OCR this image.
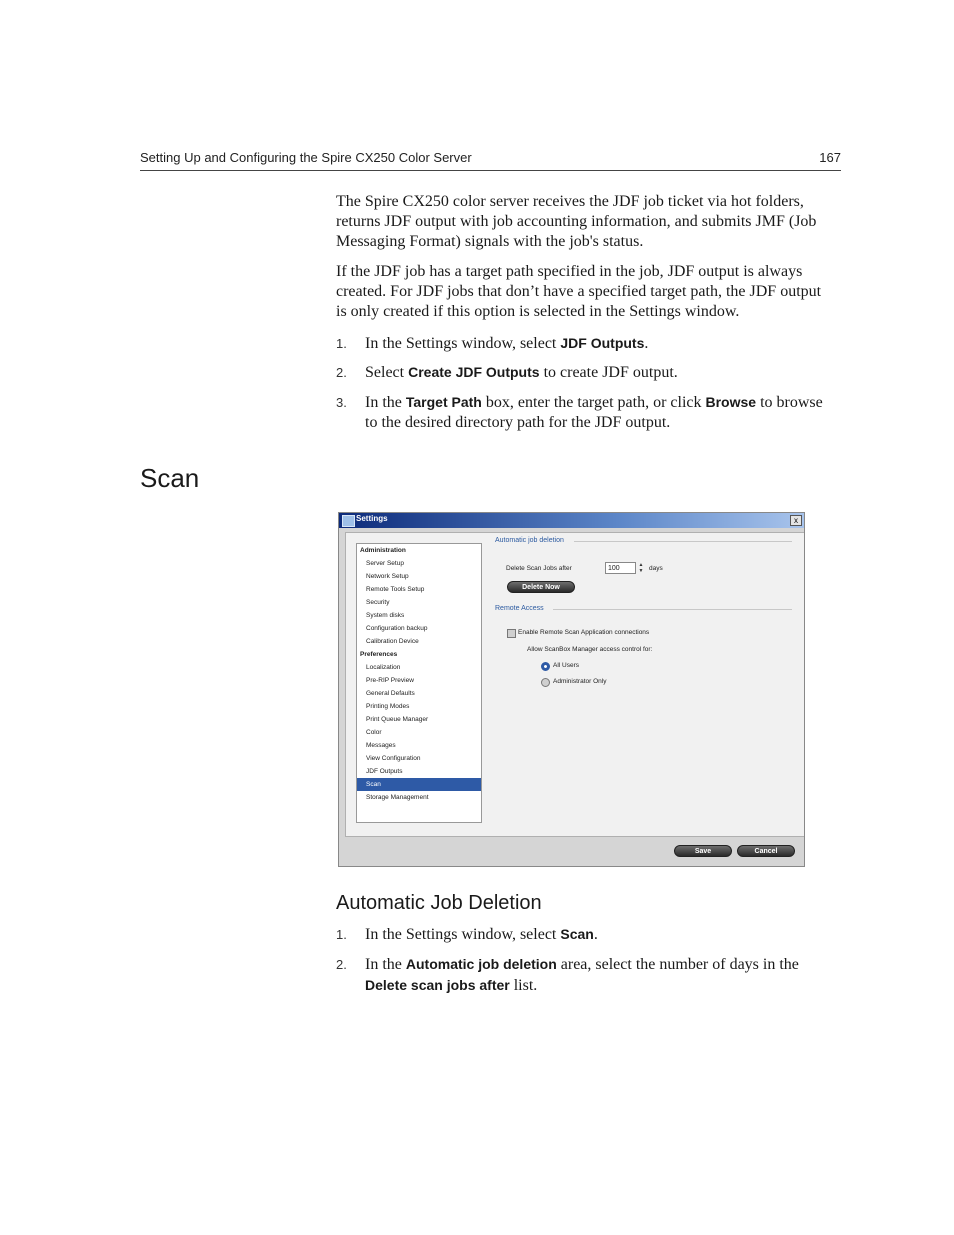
Setting Up and Configuring the Spire CX250 Color Server	167

The Spire CX250 color server receives the JDF job ticket via hot folders, returns JDF output with job accounting information, and submits JMF (Job Messaging Format) signals with the job's status.

If the JDF job has a target path specified in the job, JDF output is always created. For JDF jobs that don’t have a specified target path, the JDF output is only created if this option is selected in the Settings window.

1. In the Settings window, select JDF Outputs.
2. Select Create JDF Outputs to create JDF output.
3. In the Target Path box, enter the target path, or click Browse to browse to the desired directory path for the JDF output.
Scan
Settings	x
Administration
Server Setup
Network Setup
Remote Tools Setup
Security
System disks
Configuration backup
Calibration Device
Preferences
Localization
Pre-RIP Preview
General Defaults
Printing Modes
Print Queue Manager
Color
Messages
View Configuration
JDF Outputs
Scan
Storage Management
Automatic job deletion
Delete Scan Jobs after	100	▲
▼ days
Delete Now
Remote Access
Enable Remote Scan Application connections
Allow ScanBox Manager access control for:
All Users
Administrator Only
Save	Cancel
Automatic Job Deletion
1. In the Settings window, select Scan.
2. In the Automatic job deletion area, select the number of days in the Delete scan jobs after list.
